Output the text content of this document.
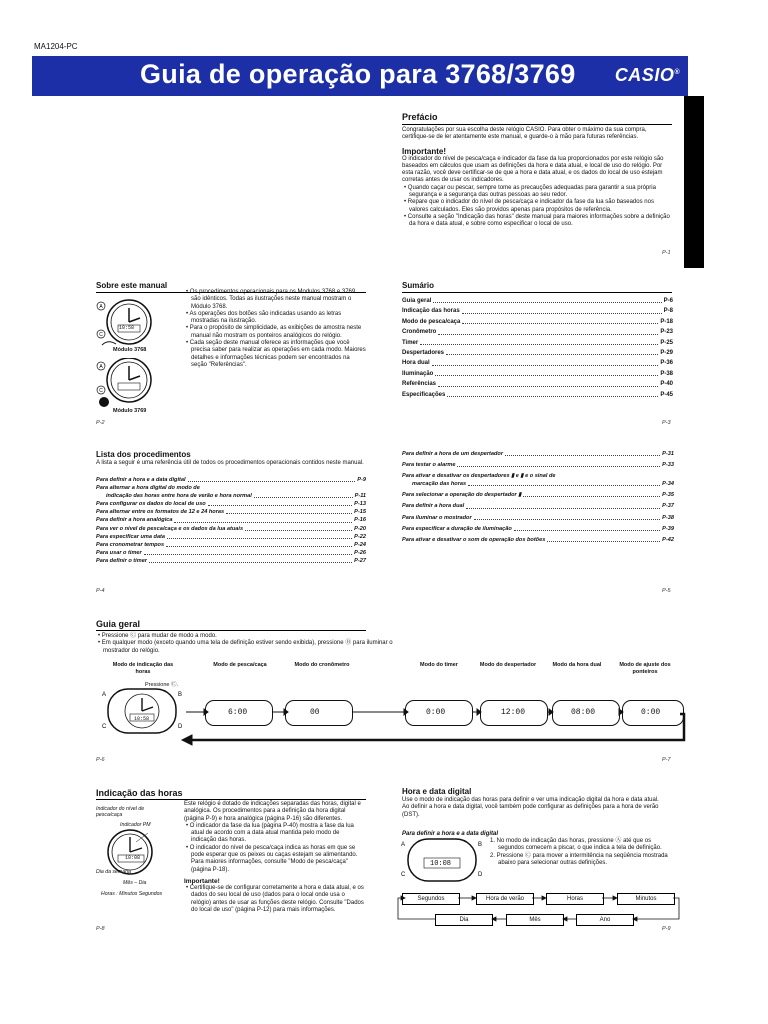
MA1204-PC
Guia de operação para 3768/3769 CASIO®
Prefácio
Congratulações por sua escolha deste relógio CASIO. Para obter o máximo da sua compra, certifique-se de ler atentamente este manual, e guarde-o à mão para futuras referências.
Importante!
O indicador do nível de pesca/caça e indicador da fase da lua proporcionados por este relógio são baseados em cálculos que usam as definições da hora e data atual, e local de uso do relógio. Por esta razão, você deve certificar-se de que a hora e data atual, e os dados do local de uso estejam corretas antes de usar os indicadores.
• Quando caçar ou pescar, sempre tome as precauções adequadas para garantir a sua própria segurança e a segurança das outras pessoas ao seu redor.
• Repare que o indicador do nível de pesca/caça e indicador da fase da lua são baseados nos valores calculados. Eles são providos apenas para propósitos de referência.
• Consulte a seção "Indicação das horas" deste manual para maiores informações sobre a definição da hora e data atual, e sobre como especificar o local de uso.
P-1
Sobre este manual
• Os procedimentos operacionais para os Modulos 3768 e 3769 são idênticos. Todas as ilustrações neste manual mostram o Módulo 3768.
• As operações dos botões são indicadas usando as letras mostradas na ilustração.
• Para o propósito de simplicidade, as exibições de amostra neste manual não mostram os ponteiros analógicos do relógio.
• Cada seção deste manual oferece as informações que você precisa saber para realizar as operações em cada modo. Maiores detalhes e informações técnicas podem ser encontrados na seção "Referências".
A
C
10:58
Módulo 3768
A
C
Módulo 3769
P-2
Sumário
Guia geral	P-6
Indicação das horas	P-8
Modo de pesca/caça	P-18
Cronômetro	P-23
Timer	P-25
Despertadores	P-29
Hora dual	P-36
Iluminação	P-38
Referências	P-40
Especificações	P-45
P-3
Lista dos procedimentos
A lista a seguir é uma referência útil de todos os procedimentos operacionais contidos neste manual.
Para definir a hora e a data digital	P-9
Para alternar a hora digital do modo de
indicação das horas entre hora de verão e hora normal	P-11
Para configurar os dados do local de uso	P-13
Para alternar entre os formatos de 12 e 24 horas	P-15
Para definir a hora analógica	P-16
Para ver o nível de pesca/caça e os dados da lua atuais	P-20
Para especificar uma data	P-22
Para cronometrar tempos	P-24
Para usar o timer	P-26
Para definir o timer	P-27
P-4
Para definir a hora de um despertador	P-31
Para testar o alarme	P-33
Para ativar e desativar os despertadores ▮ e ▮ e o sinal de
marcação das horas	P-34
Para selecionar a operação do despertador ▮	P-35
Para definir a hora dual	P-37
Para iluminar o mostrador	P-38
Para especificar a duração de iluminação	P-39
Para ativar e desativar o som de operação dos botões	P-42
P-5
Guia geral
• Pressione Ⓒ para mudar de modo a modo.
• Em qualquer modo (exceto quando uma tela de definição estiver sendo exibida), pressione Ⓑ para iluminar o mostrador do relógio.
Modo de indicação das horas
Modo de pesca/caça	Modo do cronômetro	Modo do timer	Modo do despertador	Modo da hora dual	Modo de ajuste dos ponteiros
Pressione Ⓒ.
A
C
B
D
10:58
6:00	00	0:00	12:00	08:00	0:00
P-6	P-7
Indicação das horas
Indicador do nível de pesca/caça
Indicador PM
10:08
Dia da semana
Mês – Dia
Horas : Minutos Segundos
Este relógio é dotado de indicações separadas das horas, digital e analógica. Os procedimentos para a definição da hora digital (página P-9) e hora analógica (página P-16) são diferentes.
• O indicador da fase da lua (página P-40) mostra a fase da lua atual de acordo com a data atual mantida pelo modo de indicação das horas.
• O indicador do nível de pesca/caça indica as horas em que se pode esperar que os peixes ou caças estejam se alimentando. Para maiores informações, consulte "Modo de pesca/caça" (página P-18).
Importante!
• Certifique-se de configurar corretamente a hora e data atual, e os dados do seu local de uso (dados para o local onde usa o relógio) antes de usar as funções deste relógio. Consulte "Dados do local de uso" (página P-12) para mais informações.
P-8
Hora e data digital
Use o modo de indicação das horas para definir e ver uma indicação digital da hora e data atual.
Ao definir a hora e data digital, você também pode configurar as definições para a hora de verão (DST).
Para definir a hora e a data digital
A
C
B
D
10:08
1. No modo de indicação das horas, pressione Ⓐ até que os segundos comecem a piscar, o que indica a tela de definição.
2. Pressione Ⓒ para mover a intermitência na seqüência mostrada abaixo para selecionar outras definições.
Segundos	Hora de verão	Horas	Minutos
Dia	Mês	Ano
P-9
